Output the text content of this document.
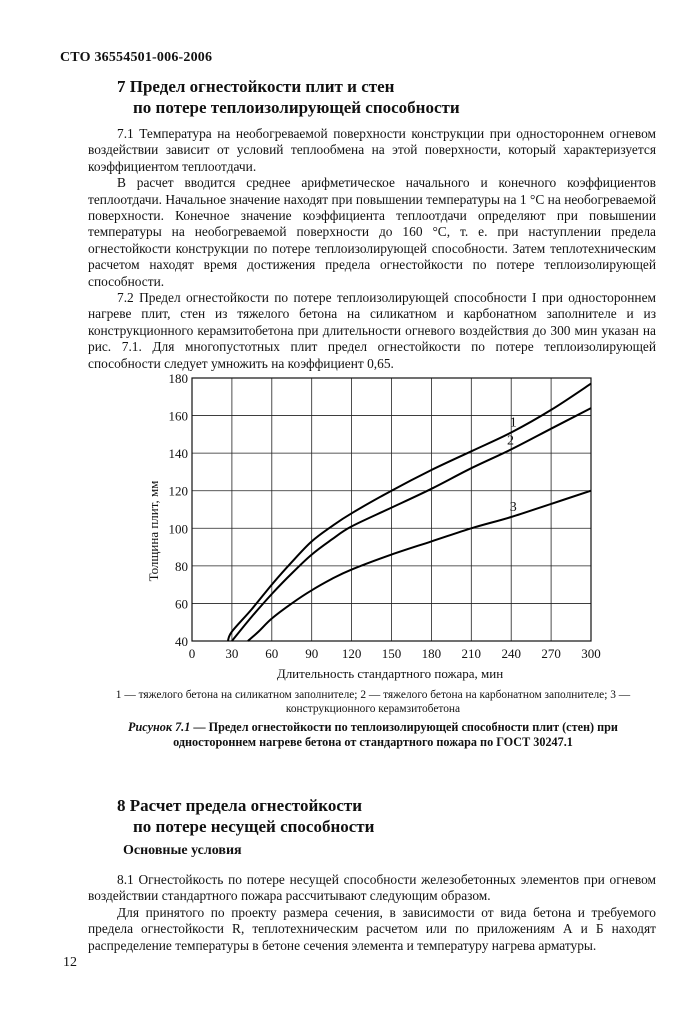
СТО 36554501-006-2006
7 Предел огнестойкости плит и стен
по потере теплоизолирующей способности

7.1 Температура на необогреваемой поверхности конструкции при одностороннем огневом воздействии зависит от условий теплообмена на этой поверхности, который характеризуется коэффициентом теплоотдачи.

В расчет вводится среднее арифметическое начального и конечного коэффициентов теплоотдачи. Начальное значение находят при повышении температуры на 1 °С на необогреваемой поверхности. Конечное значение коэффициента теплоотдачи определяют при повышении температуры на необогреваемой поверхности до 160 °С, т. е. при наступлении предела огнестойкости конструкции по потере теплоизолирующей способности. Затем теплотехническим расчетом находят время достижения предела огнестойкости по потере теплоизолирующей способности.

7.2 Предел огнестойкости по потере теплоизолирующей способности I при одностороннем нагреве плит, стен из тяжелого бетона на силикатном и карбонатном заполнителе и из конструкционного керамзитобетона при длительности огневого воздействия до 300 мин указан на рис. 7.1. Для многопустотных плит предел огнестойкости по потере теплоизолирующей способности следует умножить на коэффициент 0,65.

Длительность стандартного пожара, мин
Толщина плит, мм
0 30 60 90 120 150 180 210 240 270 300
40
60
80
100
120
140
160
180
1
2
3
1 — тяжелого бетона на силикатном заполнителе; 2 — тяжелого бетона на карбонатном заполнителе; 3 — конструкционного керамзитобетона
Рисунок 7.1 — Предел огнестойкости по теплоизолирующей способности плит (стен) при одностороннем нагреве бетона от стандартного пожара по ГОСТ 30247.1
8 Расчет предела огнестойкости
по потере несущей способности
Основные условия

8.1 Огнестойкость по потере несущей способности железобетонных элементов при огневом воздействии стандартного пожара рассчитывают следующим образом.

Для принятого по проекту размера сечения, в зависимости от вида бетона и требуемого предела огнестойкости R, теплотехническим расчетом или по приложениям А и Б находят распределение температуры в бетоне сечения элемента и температуру нагрева арматуры.

12
